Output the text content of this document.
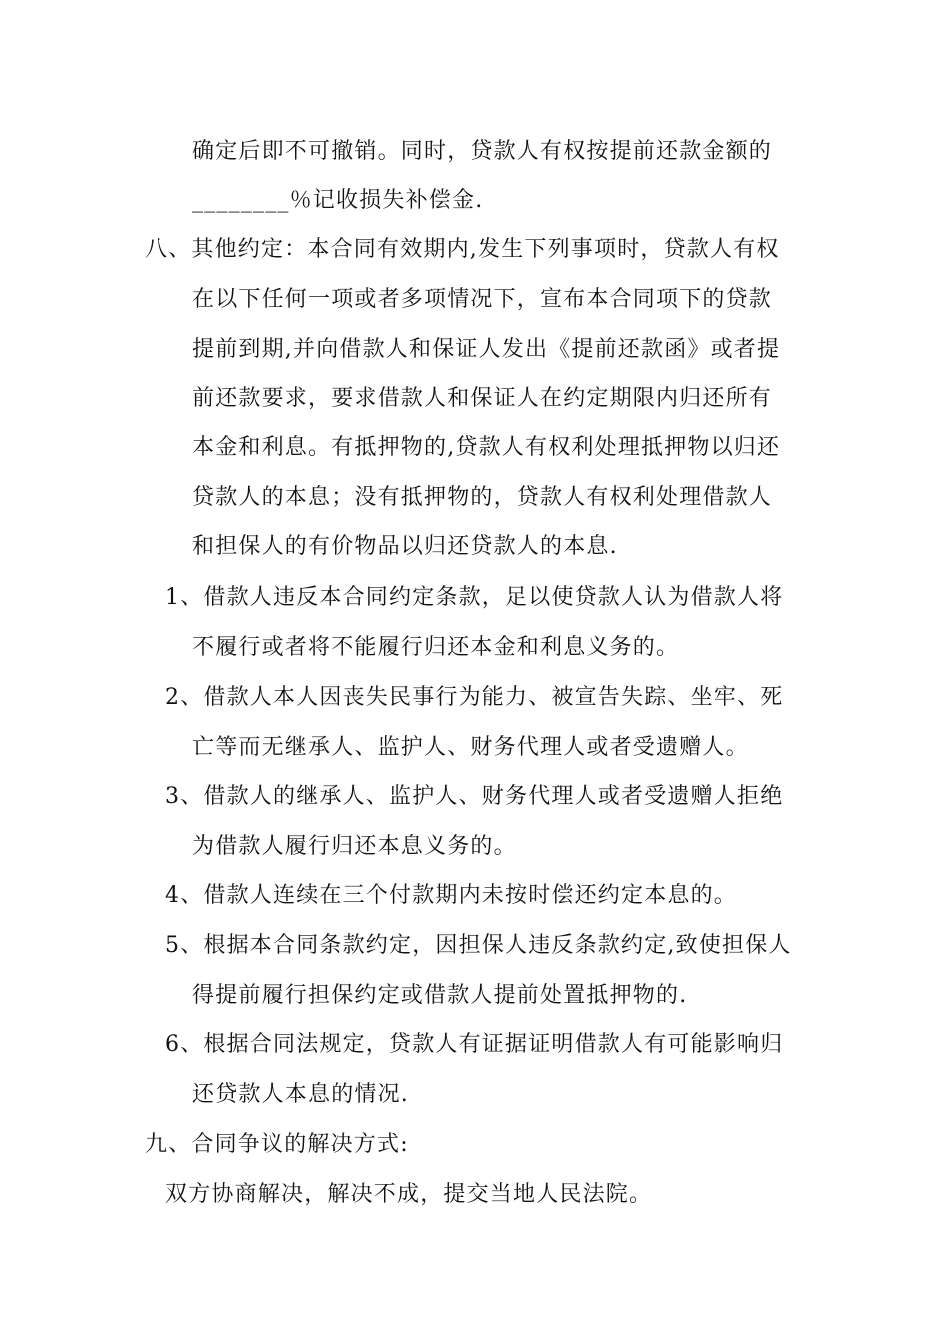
确定后即不可撤销。同时，贷款人有权按提前还款金额的
________％记收损失补偿金.
八、其他约定：本合同有效期内,发生下列事项时，贷款人有权
在以下任何一项或者多项情况下，宣布本合同项下的贷款
提前到期,并向借款人和保证人发出《提前还款函》或者提
前还款要求，要求借款人和保证人在约定期限内归还所有
本金和利息。有抵押物的,贷款人有权利处理抵押物以归还
贷款人的本息；没有抵押物的，贷款人有权利处理借款人
和担保人的有价物品以归还贷款人的本息.
1、借款人违反本合同约定条款，足以使贷款人认为借款人将
不履行或者将不能履行归还本金和利息义务的。
2、借款人本人因丧失民事行为能力、被宣告失踪、坐牢、死
亡等而无继承人、监护人、财务代理人或者受遗赠人。
3、借款人的继承人、监护人、财务代理人或者受遗赠人拒绝
为借款人履行归还本息义务的。
4、借款人连续在三个付款期内未按时偿还约定本息的。
5、根据本合同条款约定，因担保人违反条款约定,致使担保人
得提前履行担保约定或借款人提前处置抵押物的.
6、根据合同法规定，贷款人有证据证明借款人有可能影响归
还贷款人本息的情况.
九、合同争议的解决方式:
双方协商解决，解决不成，提交当地人民法院。
